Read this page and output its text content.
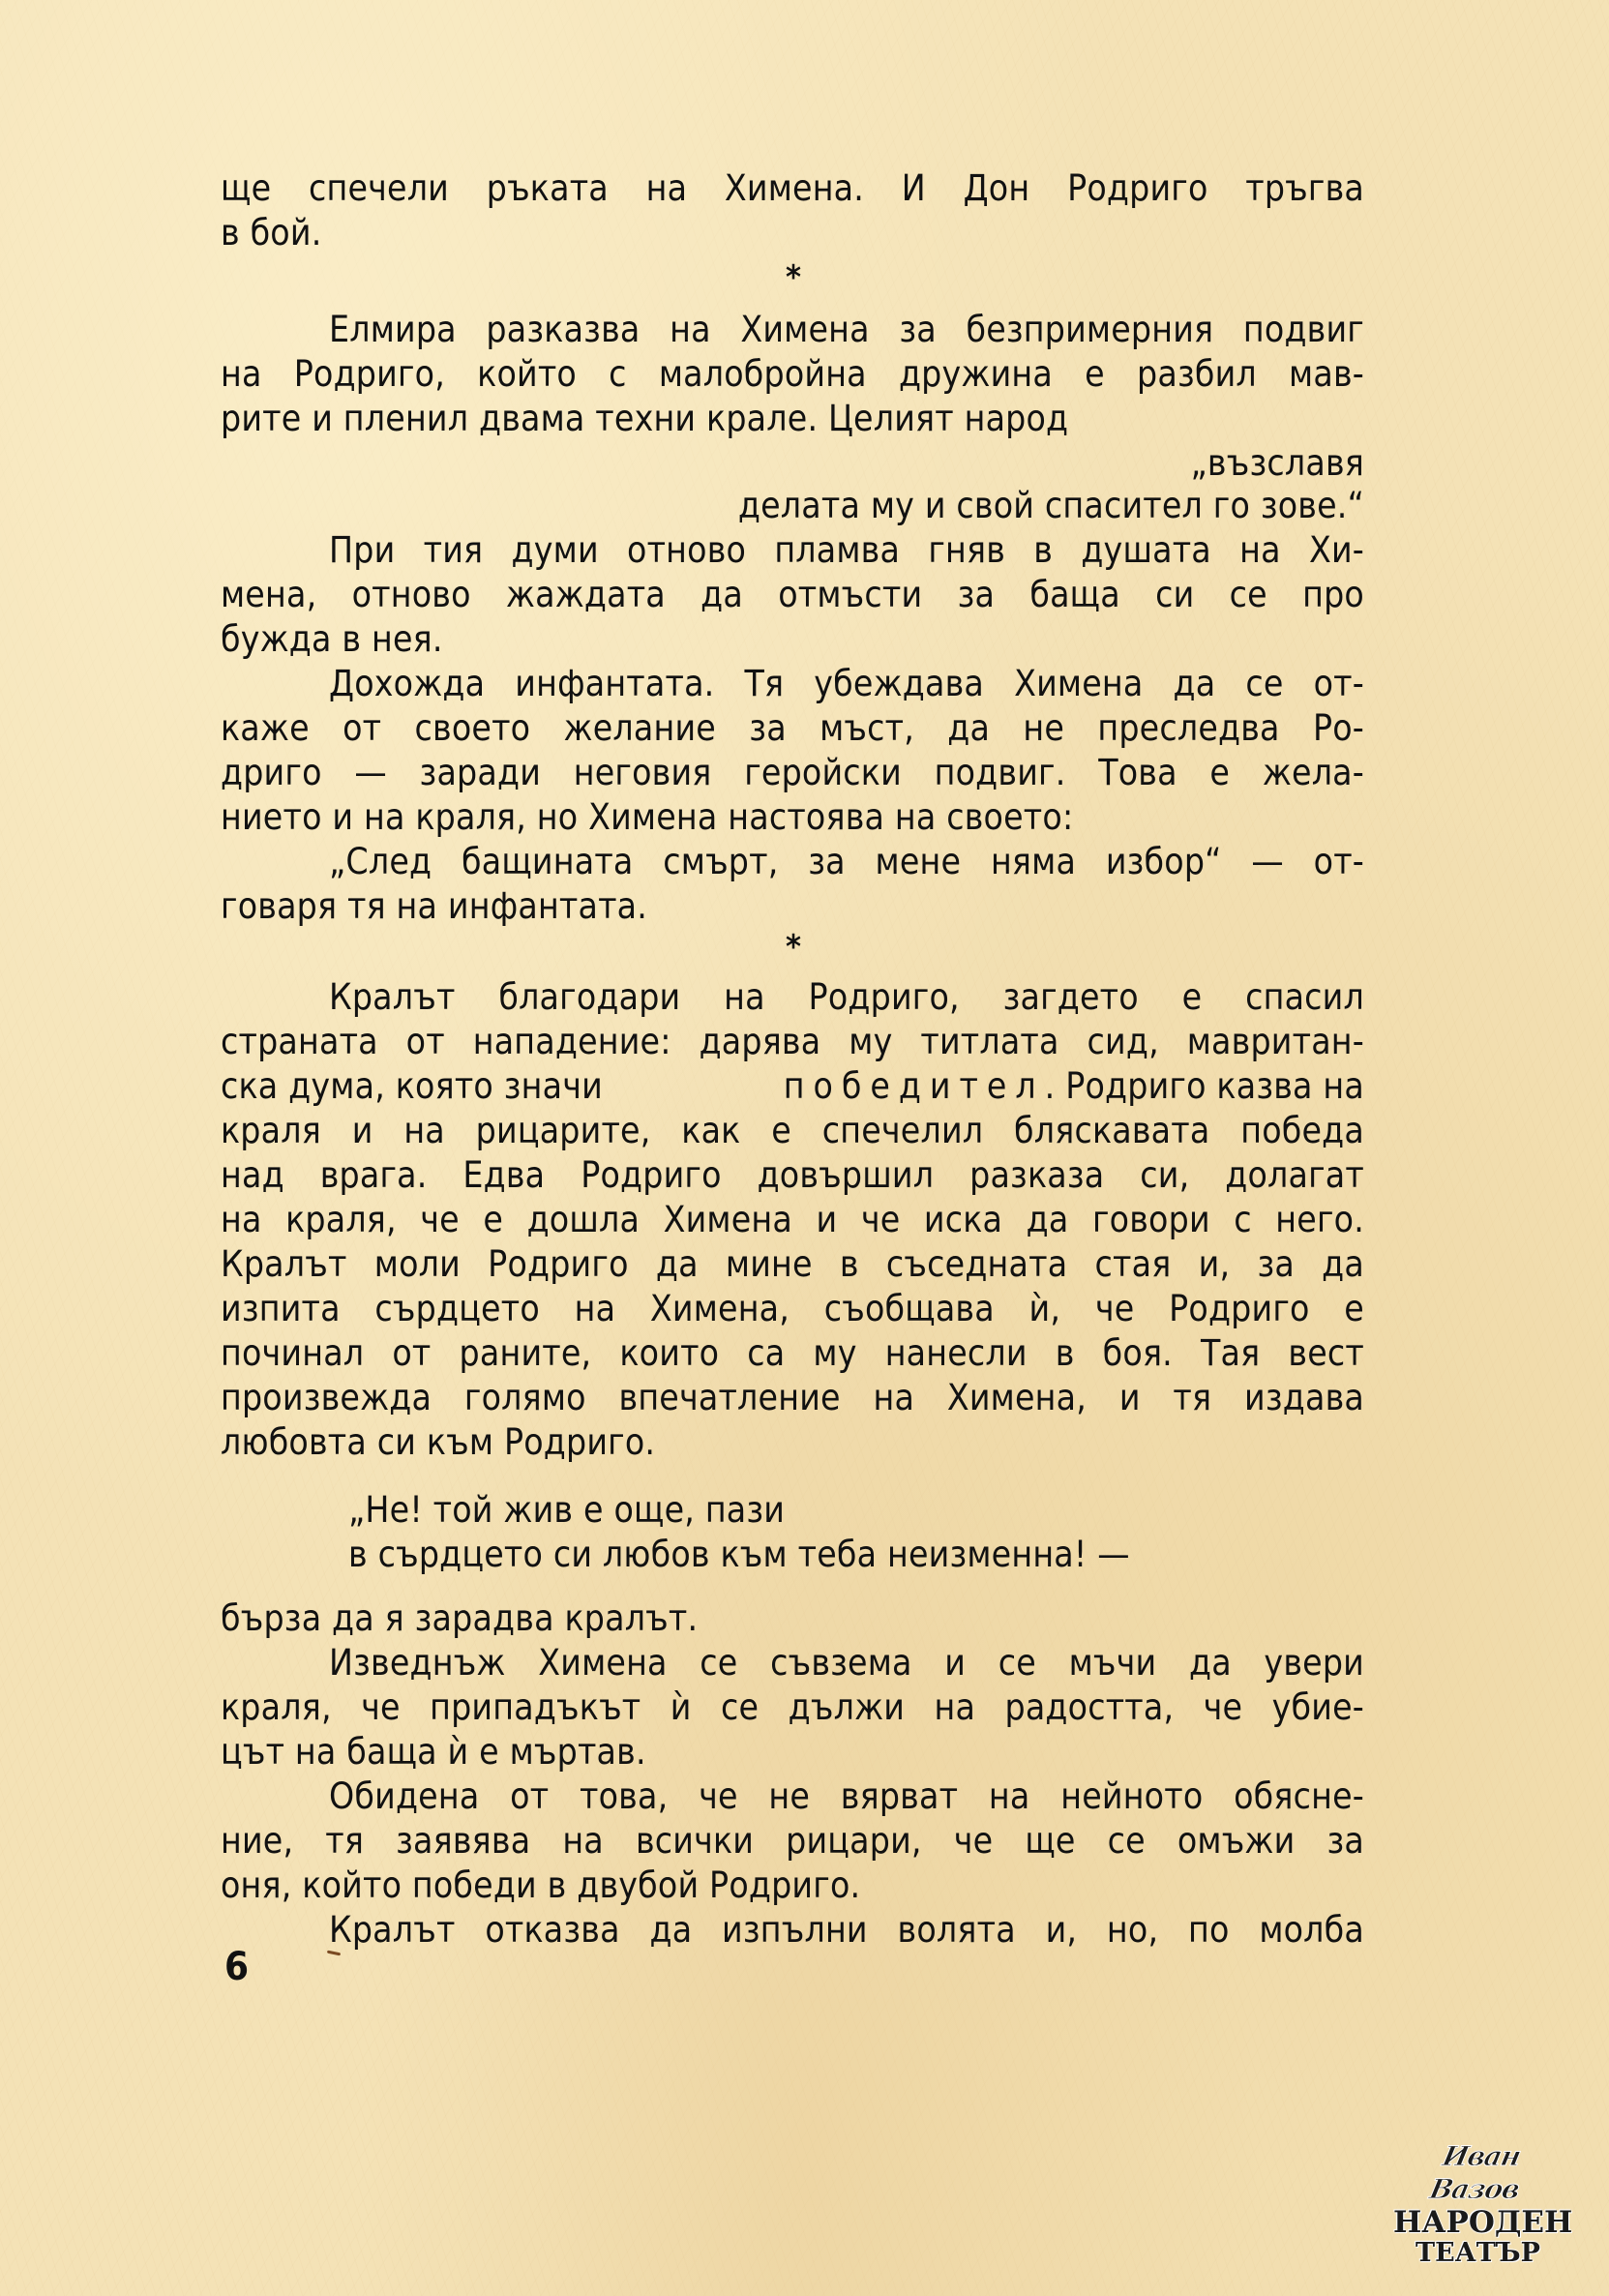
ще спечели ръката на Химена. И Дон Родриго тръгва
в бой.
*
Елмира разказва на Химена за безпримерния подвиг
на Родриго, който с малобройна дружина е разбил мав-
рите и пленил двама техни крале. Целият народ
„възславя
делата му и свой спасител го зове.“
При тия думи отново пламва гняв в душата на Хи-
мена, отново жаждата да отмъсти за баща си се про
бужда в нея.
Дохожда инфантата. Тя убеждава Химена да се от-
каже от своето желание за мъст, да не преследва Ро-
дриго — заради неговия геройски подвиг. Това е жела-
нието и на краля, но Химена настоява на своето:
„След бащината смърт, за мене няма избор“ — от-
говаря тя на инфантата.
*
Кралът благодари на Родриго, загдето е спасил
страната от нападение: дарява му титлата сид, мавритан-
ска дума, която значи	победител . Родриго казва на
краля и на рицарите, как е спечелил бляскавата победа
над врага. Едва Родриго довършил разказа си, долагат
на краля, че е дошла Химена и че иска да говори с него.
Кралът моли Родриго да мине в съседната стая и, за да
изпита сърдцето на Химена, съобщава ѝ, че Родриго е
починал от раните, които са му нанесли в боя. Тая вест
произвежда голямо впечатление на Химена, и тя издава
любовта си към Родриго.
„Не! той жив е още, пази
в сърдцето си любов към теба неизменна! —
бърза да я зарадва кралът.
Изведнъж Химена се съвзема и се мъчи да увери
краля, че припадъкът ѝ се дължи на радостта, че убие-
цът на баща ѝ е мъртав.
Обидена от това, че не вярват на нейното обясне-
ние, тя заявява на всички рицари, че ще се омъжи за
оня, който победи в двубой Родриго.
Кралът отказва да изпълни волята и, но, по молба
6
Иван Вазов
НАРОДЕН
ТЕАТЪР
